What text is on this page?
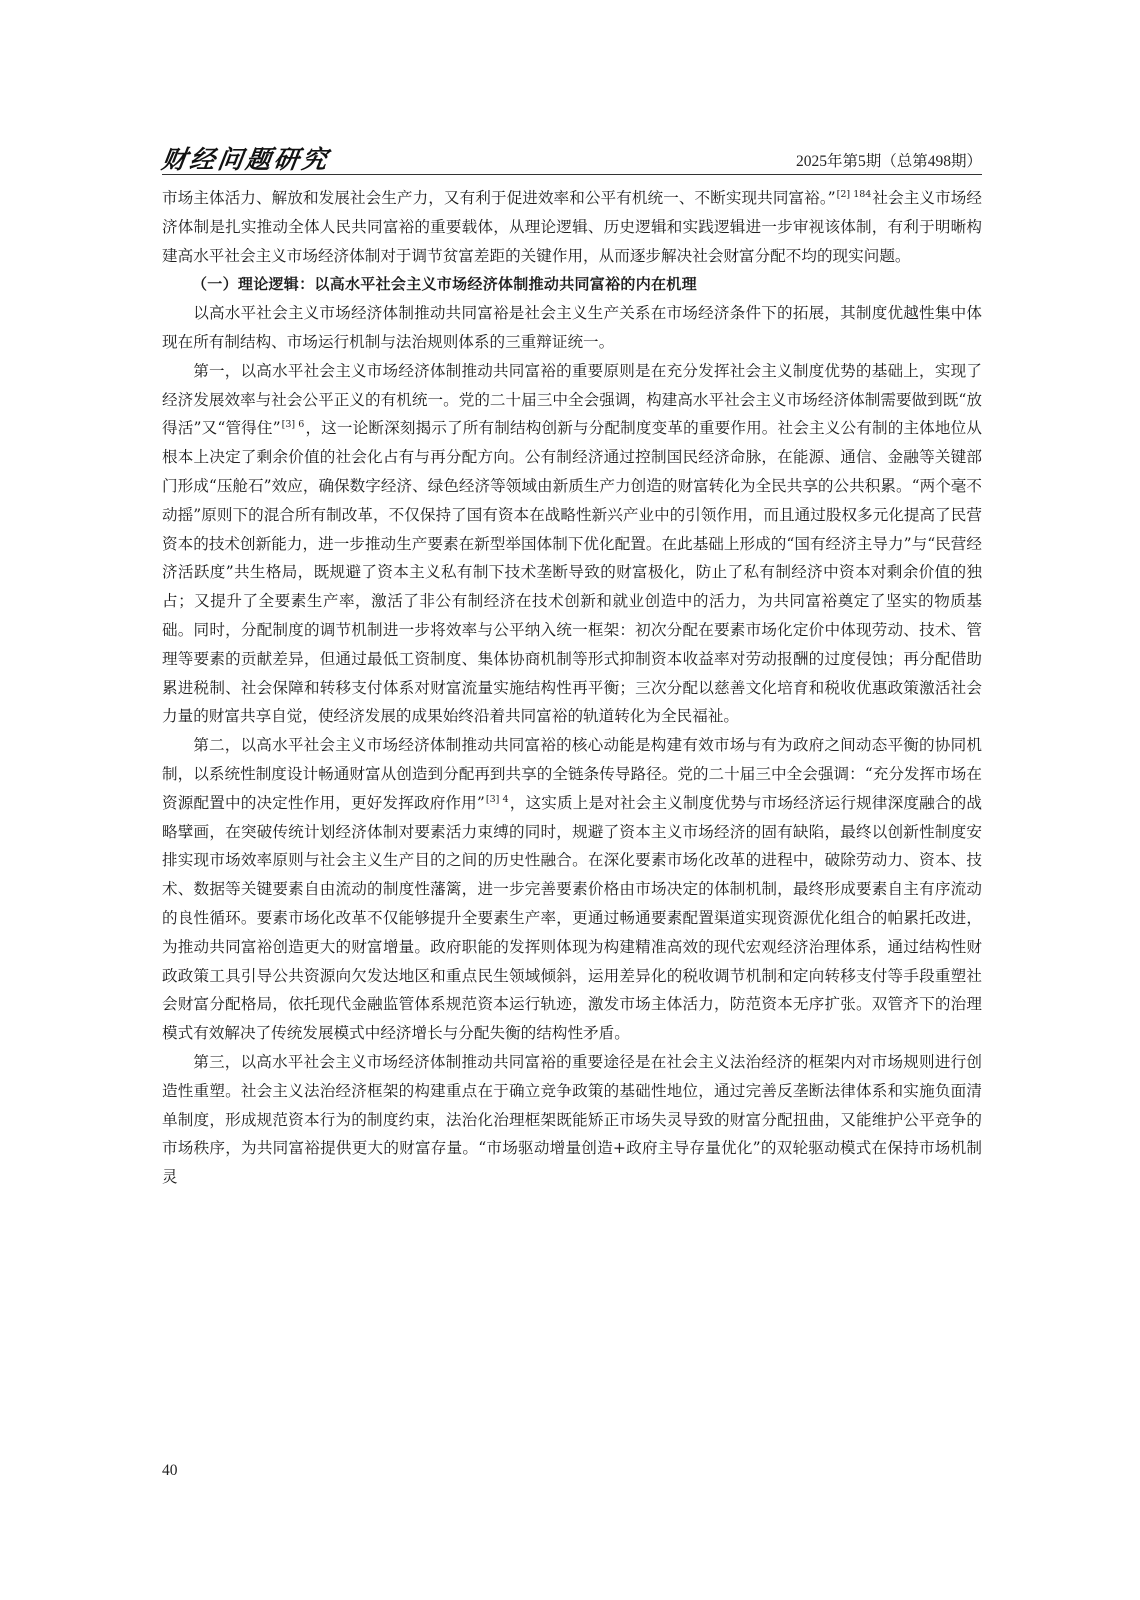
财经问题研究	2025年第5期（总第498期）

市场主体活力、解放和发展社会生产力，又有利于促进效率和公平有机统一、不断实现共同富裕。”$^{[2] 184}$社会主义市场经济体制是扎实推动全体人民共同富裕的重要载体，从理论逻辑、历史逻辑和实践逻辑进一步审视该体制，有利于明晰构建高水平社会主义市场经济体制对于调节贫富差距的关键作用，从而逐步解决社会财富分配不均的现实问题。

（一）理论逻辑：以高水平社会主义市场经济体制推动共同富裕的内在机理

以高水平社会主义市场经济体制推动共同富裕是社会主义生产关系在市场经济条件下的拓展，其制度优越性集中体现在所有制结构、市场运行机制与法治规则体系的三重辩证统一。

第一，以高水平社会主义市场经济体制推动共同富裕的重要原则是在充分发挥社会主义制度优势的基础上，实现了经济发展效率与社会公平正义的有机统一。党的二十届三中全会强调，构建高水平社会主义市场经济体制需要做到既“放得活”又“管得住”$^{[3] 6}$，这一论断深刻揭示了所有制结构创新与分配制度变革的重要作用。社会主义公有制的主体地位从根本上决定了剩余价值的社会化占有与再分配方向。公有制经济通过控制国民经济命脉，在能源、通信、金融等关键部门形成“压舱石”效应，确保数字经济、绿色经济等领域由新质生产力创造的财富转化为全民共享的公共积累。“两个毫不动摇”原则下的混合所有制改革，不仅保持了国有资本在战略性新兴产业中的引领作用，而且通过股权多元化提高了民营资本的技术创新能力，进一步推动生产要素在新型举国体制下优化配置。在此基础上形成的“国有经济主导力”与“民营经济活跃度”共生格局，既规避了资本主义私有制下技术垄断导致的财富极化，防止了私有制经济中资本对剩余价值的独占；又提升了全要素生产率，激活了非公有制经济在技术创新和就业创造中的活力，为共同富裕奠定了坚实的物质基础。同时，分配制度的调节机制进一步将效率与公平纳入统一框架：初次分配在要素市场化定价中体现劳动、技术、管理等要素的贡献差异，但通过最低工资制度、集体协商机制等形式抑制资本收益率对劳动报酬的过度侵蚀；再分配借助累进税制、社会保障和转移支付体系对财富流量实施结构性再平衡；三次分配以慈善文化培育和税收优惠政策激活社会力量的财富共享自觉，使经济发展的成果始终沿着共同富裕的轨道转化为全民福祉。

第二，以高水平社会主义市场经济体制推动共同富裕的核心动能是构建有效市场与有为政府之间动态平衡的协同机制，以系统性制度设计畅通财富从创造到分配再到共享的全链条传导路径。党的二十届三中全会强调：“充分发挥市场在资源配置中的决定性作用，更好发挥政府作用”$^{[3] 4}$，这实质上是对社会主义制度优势与市场经济运行规律深度融合的战略擘画，在突破传统计划经济体制对要素活力束缚的同时，规避了资本主义市场经济的固有缺陷，最终以创新性制度安排实现市场效率原则与社会主义生产目的之间的历史性融合。在深化要素市场化改革的进程中，破除劳动力、资本、技术、数据等关键要素自由流动的制度性藩篱，进一步完善要素价格由市场决定的体制机制，最终形成要素自主有序流动的良性循环。要素市场化改革不仅能够提升全要素生产率，更通过畅通要素配置渠道实现资源优化组合的帕累托改进，为推动共同富裕创造更大的财富增量。政府职能的发挥则体现为构建精准高效的现代宏观经济治理体系，通过结构性财政政策工具引导公共资源向欠发达地区和重点民生领域倾斜，运用差异化的税收调节机制和定向转移支付等手段重塑社会财富分配格局，依托现代金融监管体系规范资本运行轨迹，激发市场主体活力，防范资本无序扩张。双管齐下的治理模式有效解决了传统发展模式中经济增长与分配失衡的结构性矛盾。

第三，以高水平社会主义市场经济体制推动共同富裕的重要途径是在社会主义法治经济的框架内对市场规则进行创造性重塑。社会主义法治经济框架的构建重点在于确立竞争政策的基础性地位，通过完善反垄断法律体系和实施负面清单制度，形成规范资本行为的制度约束，法治化治理框架既能矫正市场失灵导致的财富分配扭曲，又能维护公平竞争的市场秩序，为共同富裕提供更大的财富存量。“市场驱动增量创造+政府主导存量优化”的双轮驱动模式在保持市场机制灵

40
